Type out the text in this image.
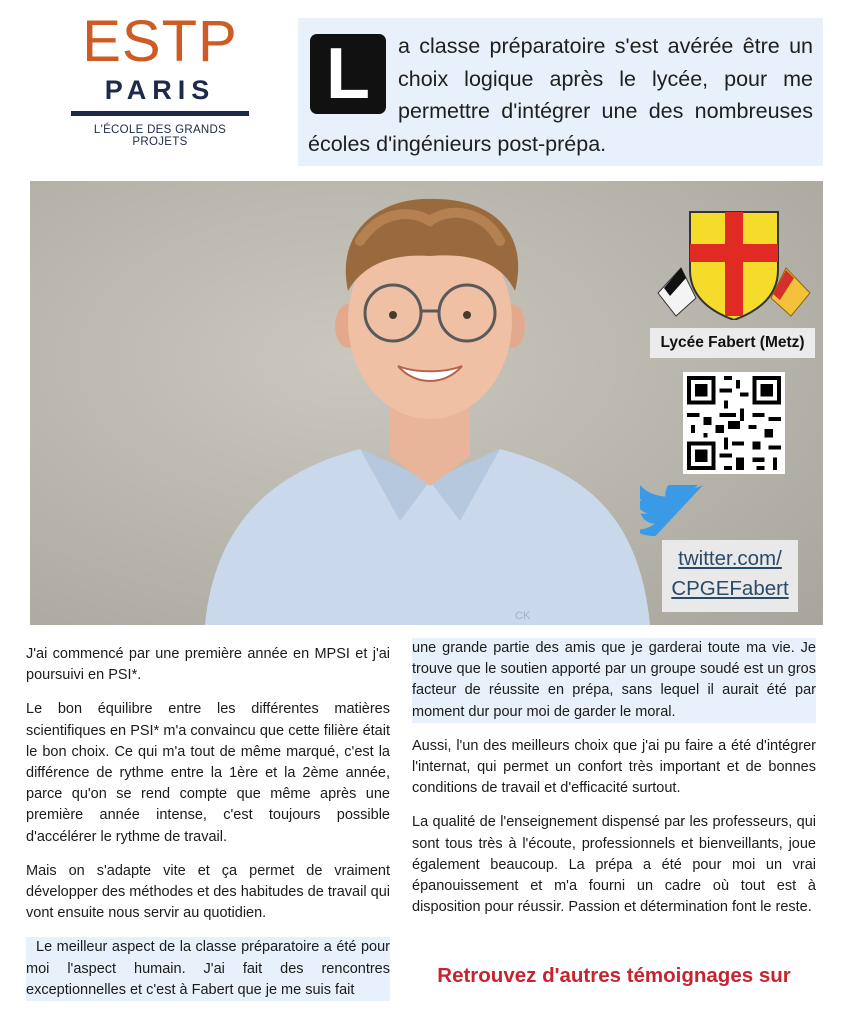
ESTP
PARIS
L'ÉCOLE DES GRANDS PROJETS
L	a classe préparatoire s'est avérée être un choix logique après le lycée, pour me permettre d'intégrer une des nombreuses écoles d'ingénieurs post-prépa.
CK
Lycée Fabert (Metz)
twitter.com/
CPGEFabert

J'ai commencé par une première année en MPSI et j'ai poursuivi en PSI*.

Le bon équilibre entre les différentes matières scientifiques en PSI* m'a convaincu que cette filière était le bon choix. Ce qui m'a tout de même marqué, c'est la différence de rythme entre la 1ère et la 2ème année, parce qu'on se rend compte que même après une première année intense, c'est toujours possible d'accélérer le rythme de travail.

Mais on s'adapte vite et ça permet de vraiment développer des méthodes et des habitudes de travail qui vont ensuite nous servir au quotidien.

Le meilleur aspect de la classe préparatoire a été pour moi l'aspect humain. J'ai fait des rencontres exceptionnelles et c'est à Fabert que je me suis fait

une grande partie des amis que je garderai toute ma vie. Je trouve que le soutien apporté par un groupe soudé est un gros facteur de réussite en prépa, sans lequel il aurait été par moment dur pour moi de garder le moral.

Aussi, l'un des meilleurs choix que j'ai pu faire a été d'intégrer l'internat, qui permet un confort très important et de bonnes conditions de travail et d'efficacité surtout.

La qualité de l'enseignement dispensé par les professeurs, qui sont tous très à l'écoute, professionnels et bienveillants, joue également beaucoup. La prépa a été pour moi un vrai épanouissement et m'a fourni un cadre où tout est à disposition pour réussir. Passion et détermination font le reste.

Retrouvez d'autres témoignages sur
